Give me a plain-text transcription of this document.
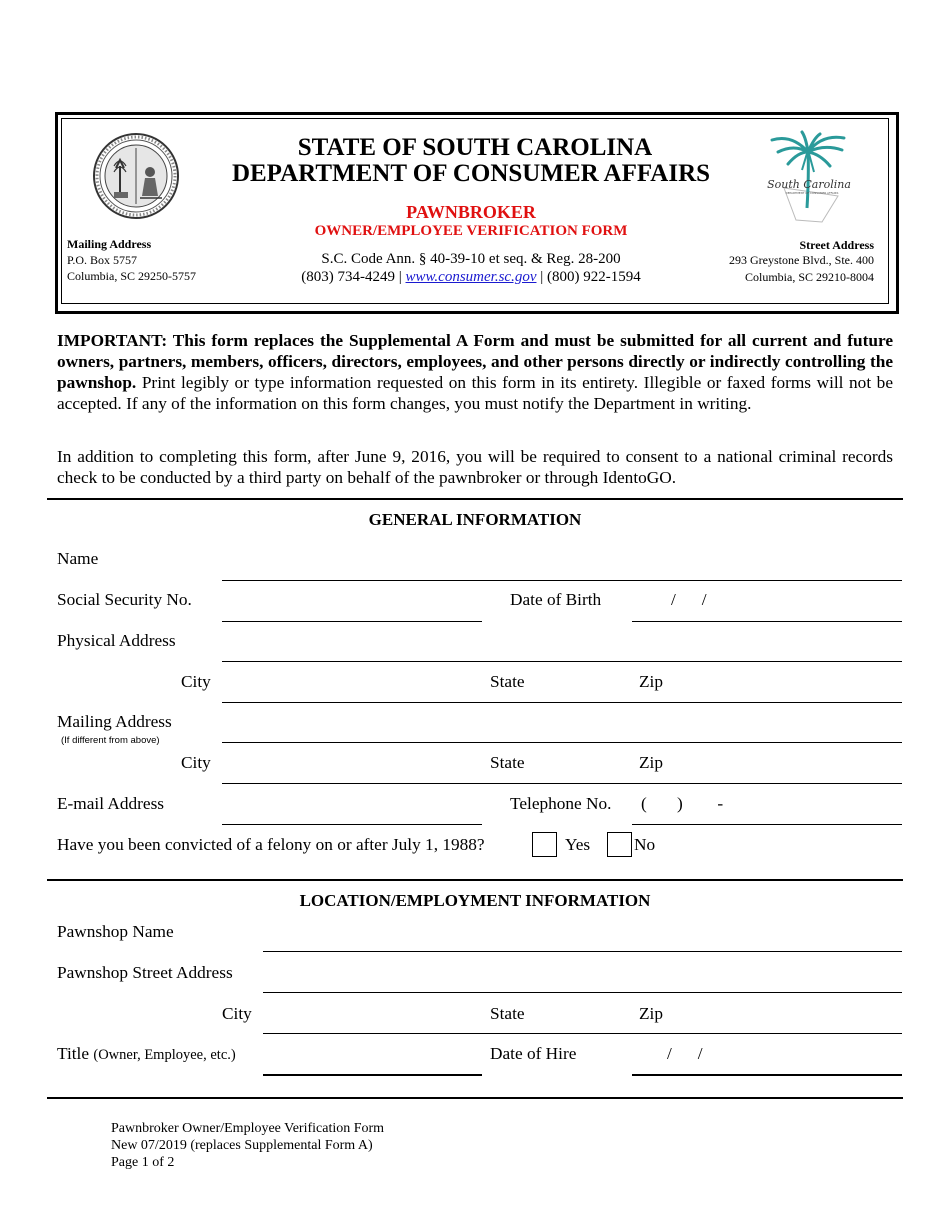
South Carolina
DEPARTMENT OF CONSUMER AFFAIRS
STATE OF SOUTH CAROLINA
DEPARTMENT OF CONSUMER AFFAIRS
PAWNBROKER
OWNER/EMPLOYEE VERIFICATION FORM
S.C. Code Ann. § 40-39-10 et seq. & Reg. 28-200
(803) 734-4249 | www.consumer.sc.gov | (800) 922-1594
Mailing Address
P.O. Box 5757
Columbia, SC 29250-5757
Street Address
293 Greystone Blvd., Ste. 400
Columbia, SC 29210-8004
IMPORTANT: This form replaces the Supplemental A Form and must be submitted for all current and future owners, partners, members, officers, directors, employees, and other persons directly or indirectly controlling the pawnshop. Print legibly or type information requested on this form in its entirety. Illegible or faxed forms will not be accepted. If any of the information on this form changes, you must notify the Department in writing.
In addition to completing this form, after June 9, 2016, you will be required to consent to a national criminal records check to be conducted by a third party on behalf of the pawnbroker or through IdentoGO.
GENERAL INFORMATION
Name
Social Security No.	Date of Birth	/      /
Physical Address
City	State	Zip
Mailing Address
(If different from above)
City	State	Zip
E-mail Address	Telephone No. (       )        -
Have you been convicted of a felony on or after July 1, 1988?	Yes	No
LOCATION/EMPLOYMENT INFORMATION
Pawnshop Name
Pawnshop Street Address
City	State	Zip
Title (Owner, Employee, etc.)	Date of Hire	/      /
Pawnbroker Owner/Employee Verification Form
New 07/2019 (replaces Supplemental Form A)
Page 1 of 2
